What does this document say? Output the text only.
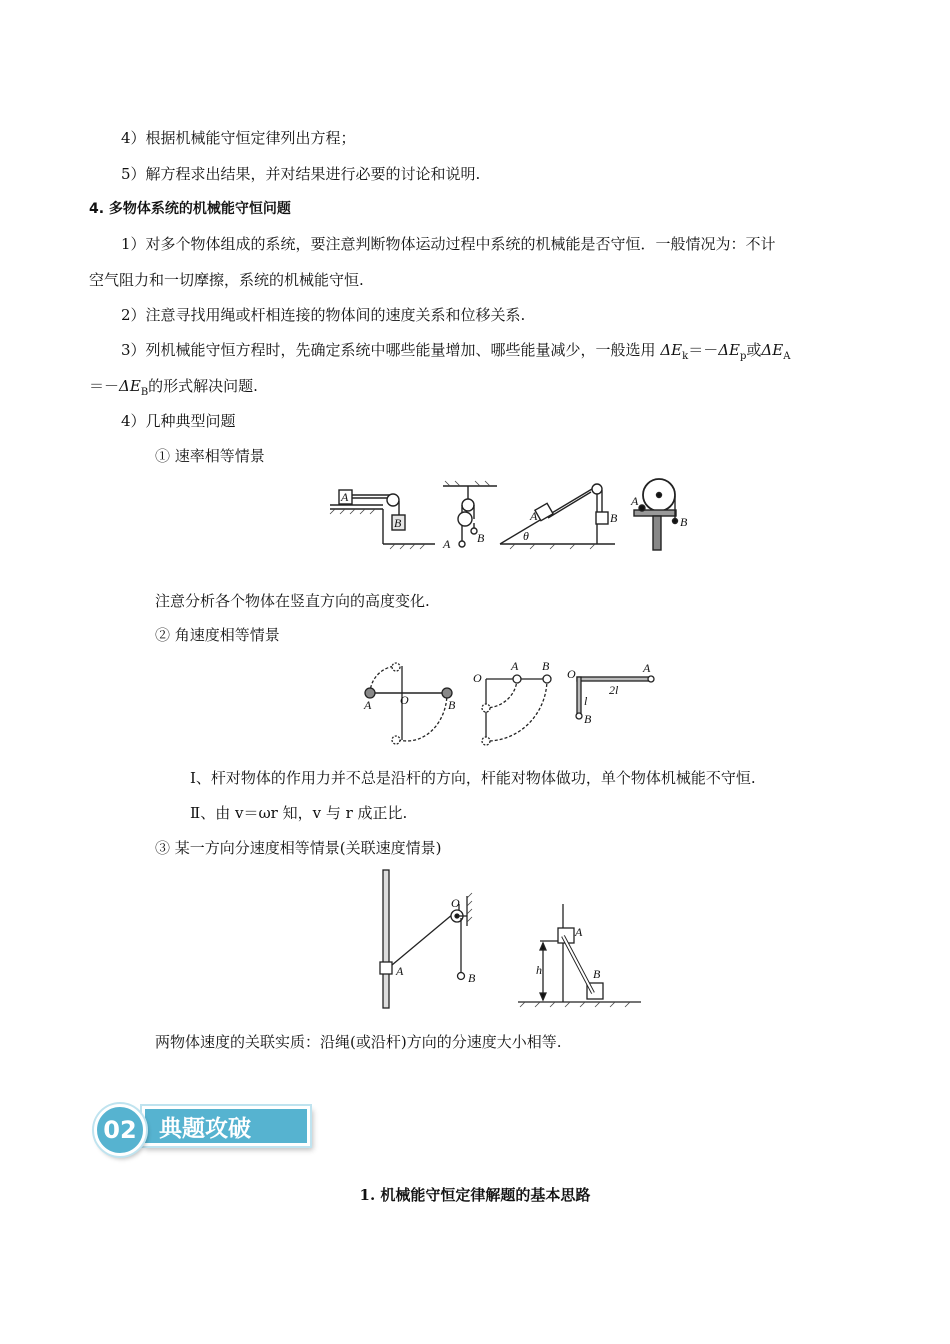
4）根据机械能守恒定律列出方程；
5）解方程求出结果，并对结果进行必要的讨论和说明.
4. 多物体系统的机械能守恒问题
1）对多个物体组成的系统，要注意判断物体运动过程中系统的机械能是否守恒．一般情况为：不计
空气阻力和一切摩擦，系统的机械能守恒.
2）注意寻找用绳或杆相连接的物体间的速度关系和位移关系.
3）列机械能守恒方程时，先确定系统中哪些能量增加、哪些能量减少，一般选用 $\Delta E_k=-\Delta E_p$或$\Delta E_A$
$=-\Delta E_B$的形式解决问题.
4）几种典型问题
① 速率相等情景
A
B
A B
A	B
θ
A
B
注意分析各个物体在竖直方向的高度变化.
② 角速度相等情景
A O	B
O
A B
O	A
l
2l
B
Ⅰ、杆对物体的作用力并不总是沿杆的方向，杆能对物体做功，单个物体机械能不守恒.
Ⅱ、由 v＝ωr 知，v 与 r 成正比.
③ 某一方向分速度相等情景(关联速度情景)
A
O
B
A
B
h
两物体速度的关联实质：沿绳(或沿杆)方向的分速度大小相等.
02 典题攻破
1. 机械能守恒定律解题的基本思路
